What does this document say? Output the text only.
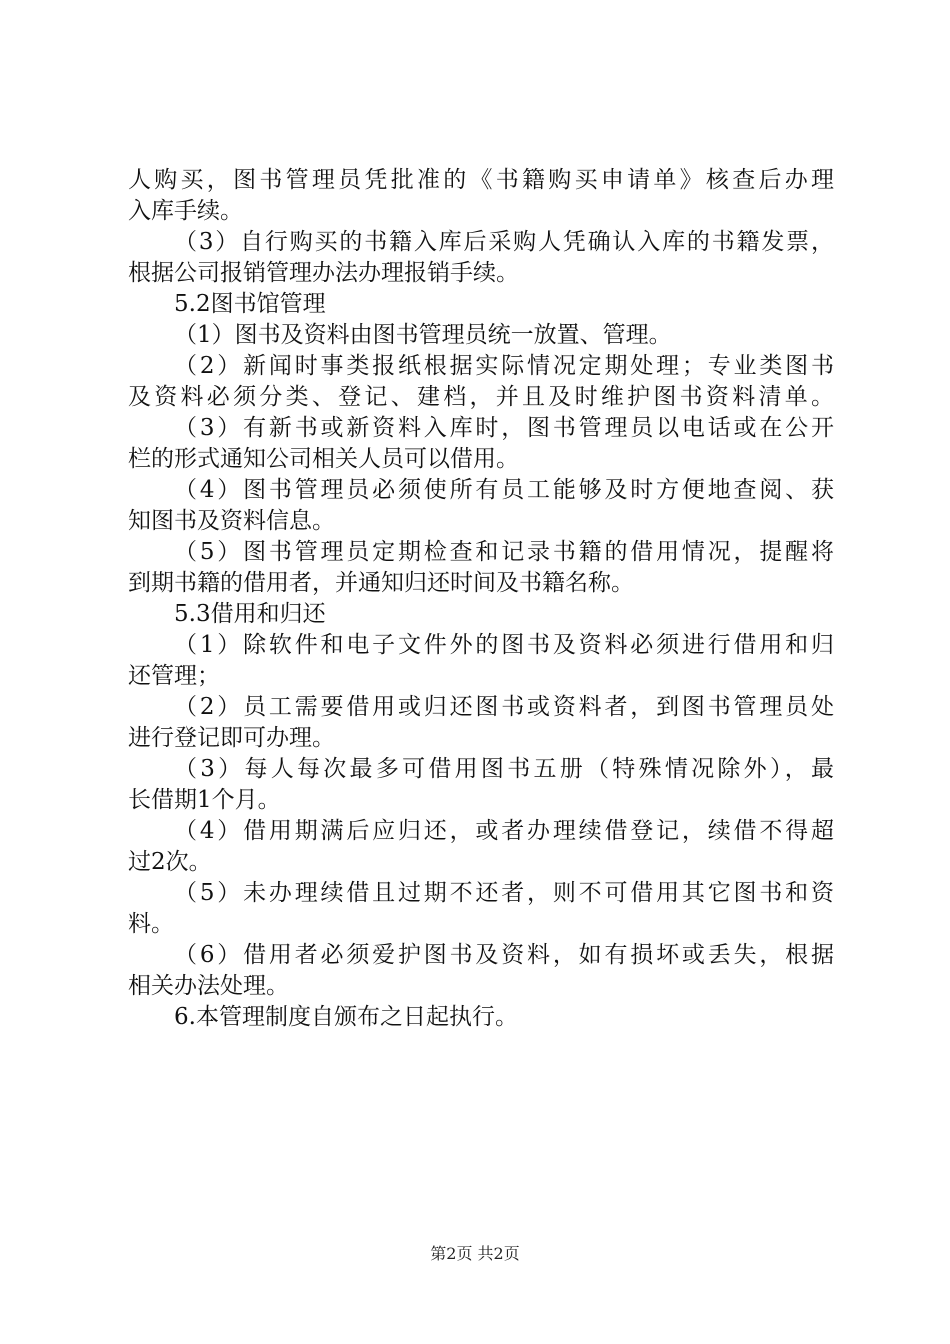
人购买，图书管理员凭批准的《书籍购买申请单》核查后办理
入库手续。
（3）自行购买的书籍入库后采购人凭确认入库的书籍发票，
根据公司报销管理办法办理报销手续。
5.2图书馆管理
（1）图书及资料由图书管理员统一放置、管理。
（2）新闻时事类报纸根据实际情况定期处理；专业类图书
及资料必须分类、登记、建档，并且及时维护图书资料清单。
（3）有新书或新资料入库时，图书管理员以电话或在公开
栏的形式通知公司相关人员可以借用。
（4）图书管理员必须使所有员工能够及时方便地查阅、获
知图书及资料信息。
（5）图书管理员定期检查和记录书籍的借用情况，提醒将
到期书籍的借用者，并通知归还时间及书籍名称。
5.3借用和归还
（1）除软件和电子文件外的图书及资料必须进行借用和归
还管理；
（2）员工需要借用或归还图书或资料者，到图书管理员处
进行登记即可办理。
（3）每人每次最多可借用图书五册（特殊情况除外），最
长借期1个月。
（4）借用期满后应归还，或者办理续借登记，续借不得超
过2次。
（5）未办理续借且过期不还者，则不可借用其它图书和资
料。
（6）借用者必须爱护图书及资料，如有损坏或丢失，根据
相关办法处理。
6.本管理制度自颁布之日起执行。
第2页 共2页
